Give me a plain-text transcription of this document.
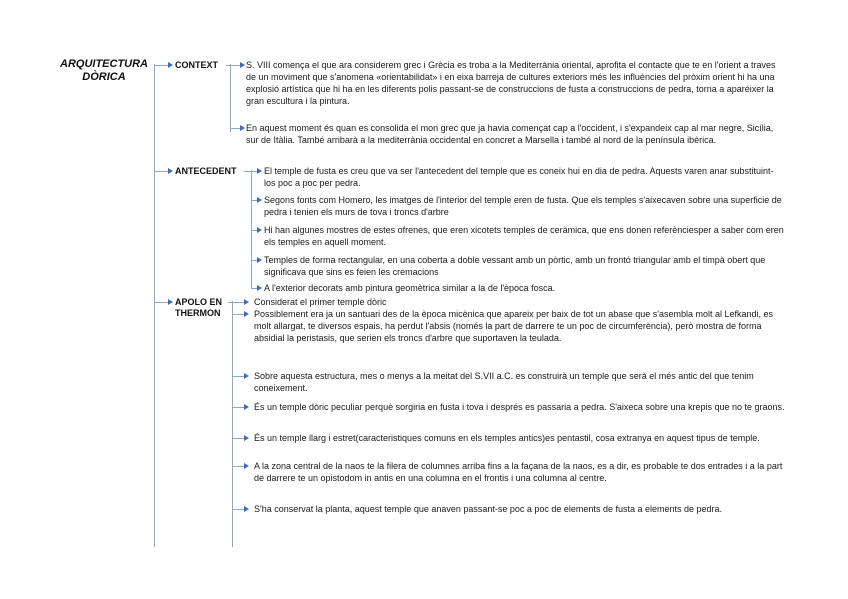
ARQUITECTURA DÒRICA
CONTEXT	S. VIII comença el que ara considerem grec i Grècia es troba a la Mediterrània oriental, aprofita el contacte que te en l'orient a traves de un moviment que s'anomena «orientabilidat» i en eixa barreja de cultures exteriors més les influències del pròxim orient hi ha una explosió artística que hi ha en les diferents polis passant-se de construccions de fusta a construccions de pedra, torna a aparéixer la gran escultura i la pintura.

En aquest moment és quan es consolida el mon grec que ja havia començat cap a l'occident, i s'expandeix cap al mar negre, Sicília, sur de Itàlia. També arribarà a la mediterrània occidental en concret a Marsella i també al nord de la península ibèrica.

ANTECEDENT	El temple de fusta es creu que va ser l'antecedent del temple que es coneix hui en dia de pedra. Aquests varen anar substituint-los poc a poc per pedra.

Segons fonts com Homero, les imatges de l'interior del temple eren de fusta. Que els temples s'aixecaven sobre una superficie de pedra i tenien els murs de tova i troncs d'arbre

Hi han algunes mostres de estes ofrenes, que eren xicotets temples de ceràmica, que ens donen referènciesper a saber com eren els temples en aquell moment.

Temples de forma rectangular, en una coberta a doble vessant amb un pòrtic, amb un frontó triangular amb el timpà obert que significava que sins es feien les cremacions

A l'exterior decorats amb pintura geomètrica similar a la de l'època fosca.

APOLO EN
THERMON

Considerat el primer temple dòric

Possiblement era ja un santuari des de la època micènica que apareix per baix de tot un abase que s'asembla molt al Lefkandi, es molt allargat, te diversos espais, ha perdut l'absis (només la part de darrere te un poc de circumferència), però mostra de forma absidial la peristasis, que serien els troncs d'arbre que suportaven la teulada.

Sobre aquesta estructura, mes o menys a la meitat del S.VII a.C. es construirà un temple que serà el més antic del que tenim coneixement.

És un temple dòric peculiar perquè sorgiria en fusta i tova i després es passaria a pedra. S'aixeca sobre una krepis que no te graons.

És un temple llarg i estret(caracteristiques comuns en els temples antics)es pentastil, cosa extranya en aquest tipus de temple.

A la zona central de la naos te la filera de columnes arriba fins a la façana de la naos, es a dir, es probable te dos entrades i a la part de darrere te un opistodom in antis en una columna en el frontis i una columna al centre.

S'ha conservat la planta, aquest temple que anaven passant-se poc a poc de elements de fusta a elements de pedra.
